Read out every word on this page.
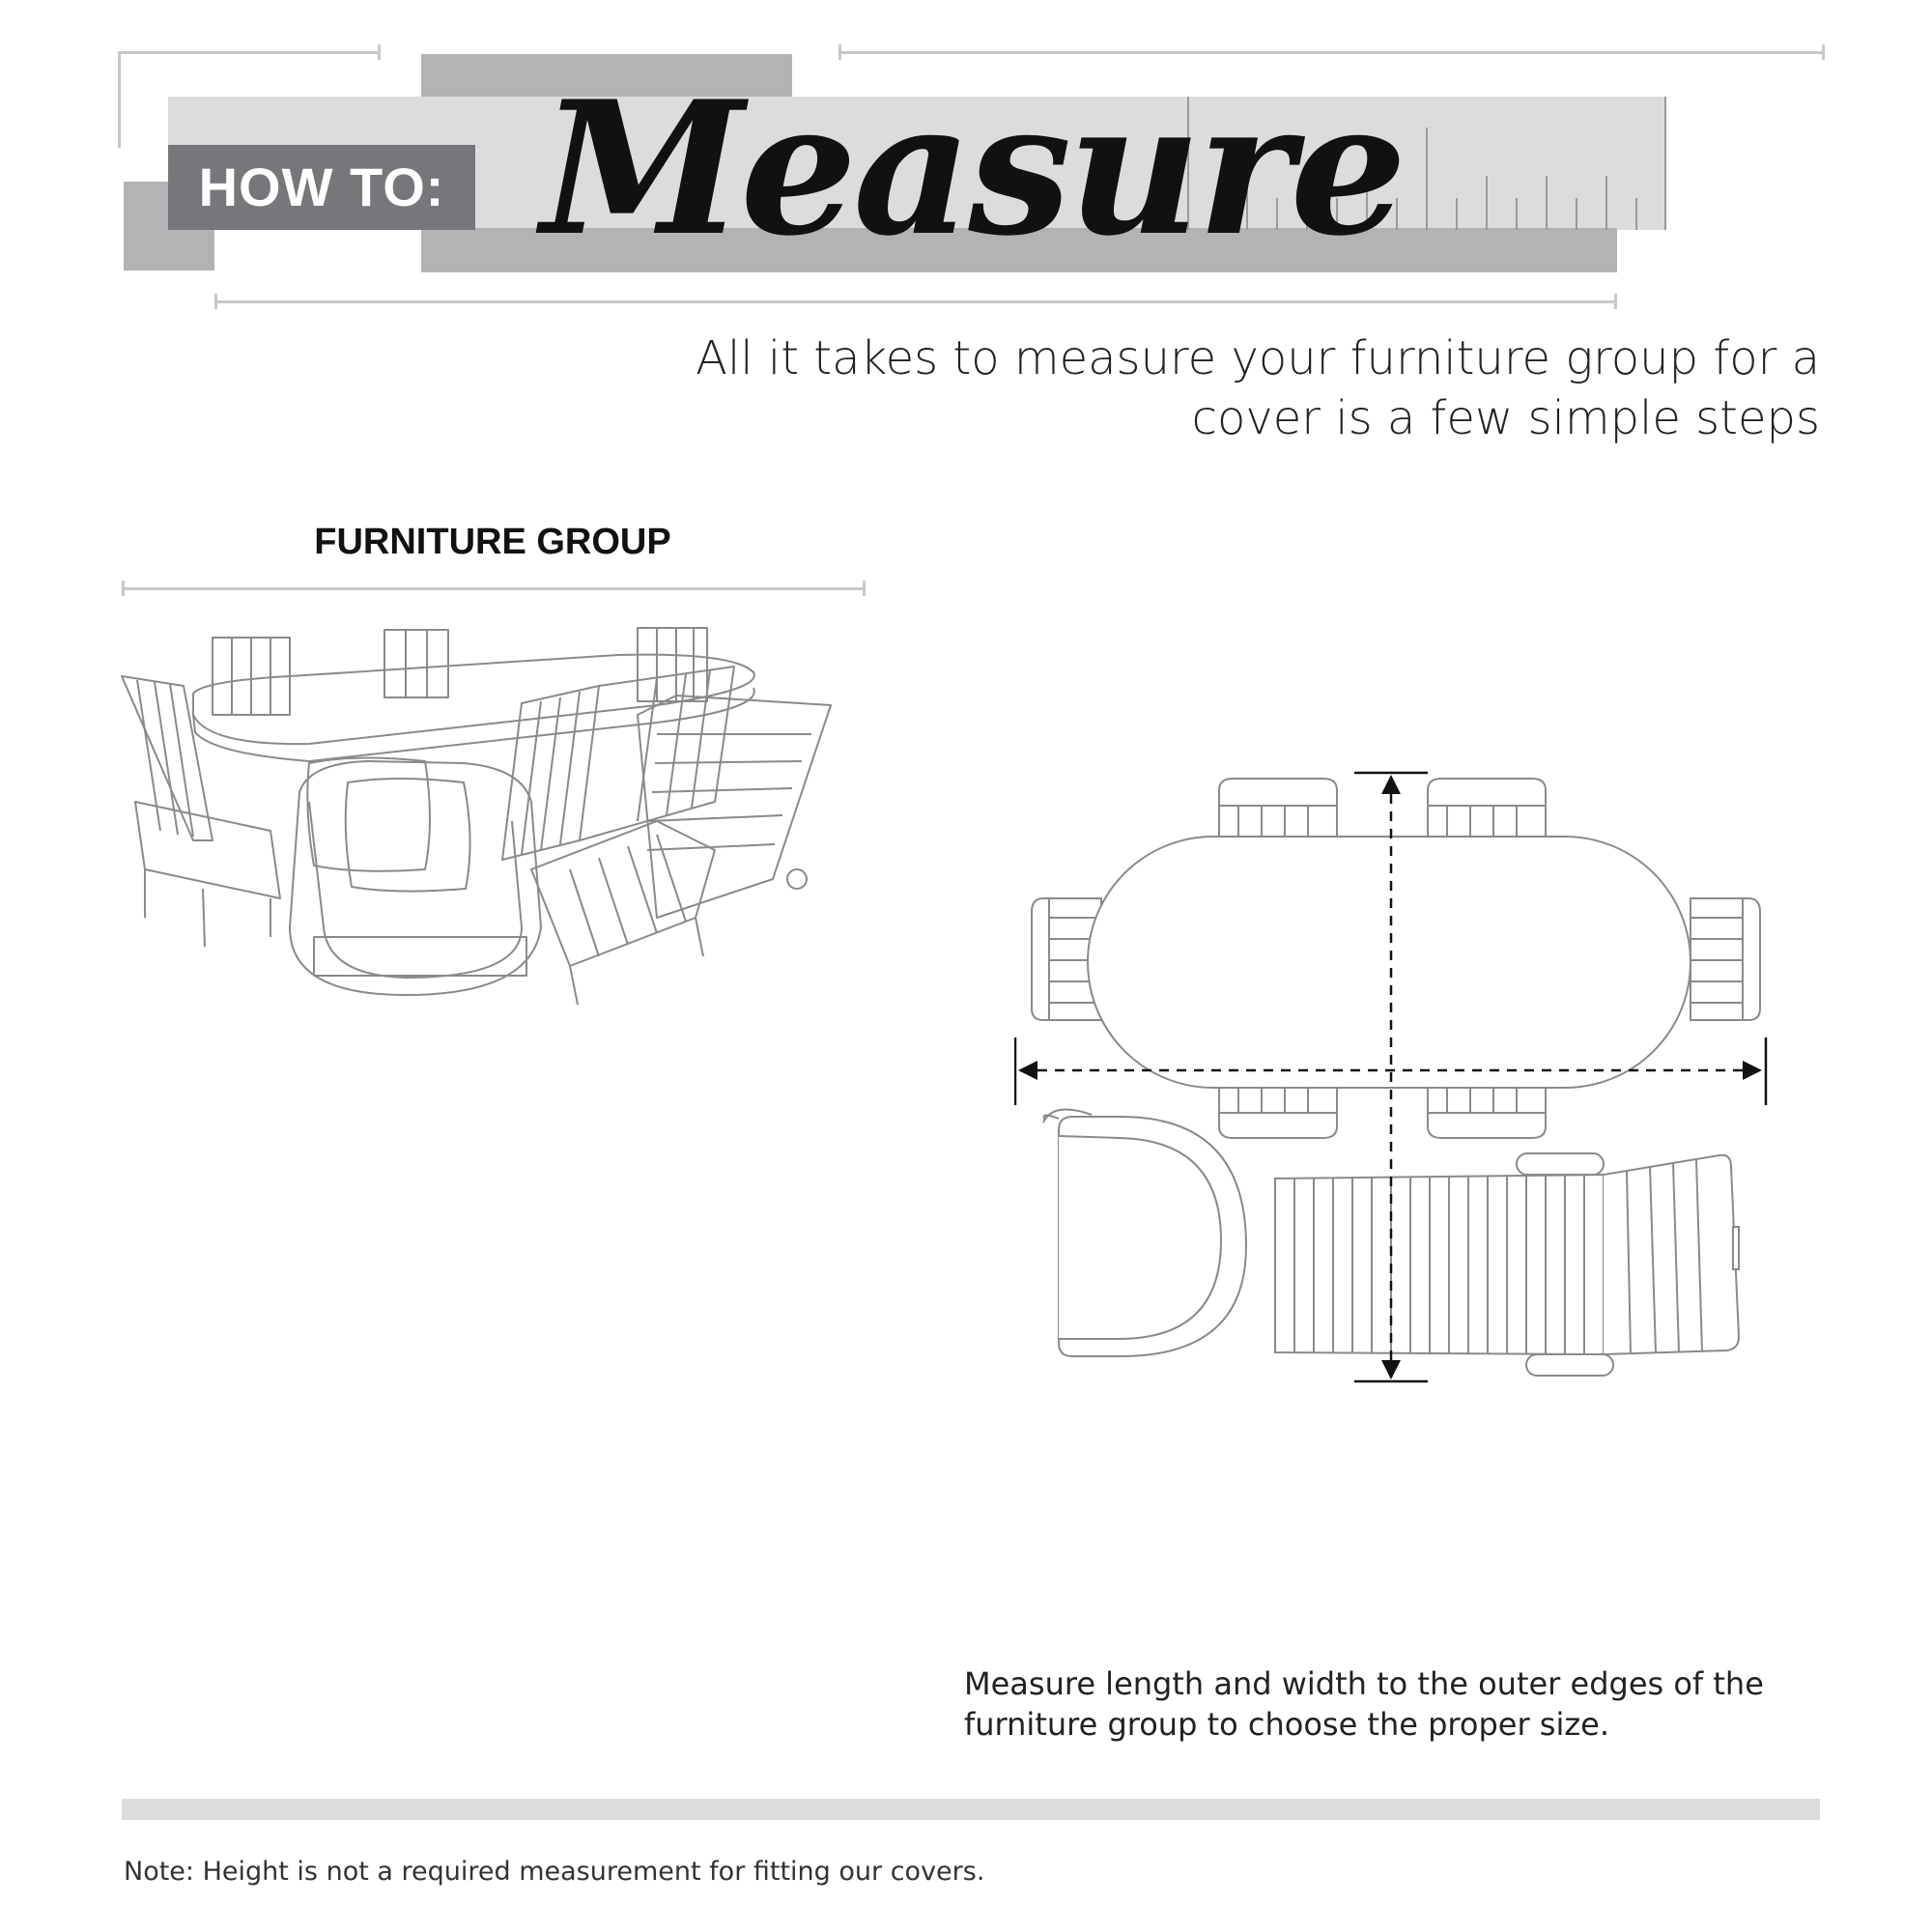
HOW TO: Measure
All it takes to measure your furniture group for a cover is a few simple steps
FURNITURE GROUP
Measure length and width to the outer edges of the furniture group to choose the proper size.
Note: Height is not a required measurement for fitting our covers.
